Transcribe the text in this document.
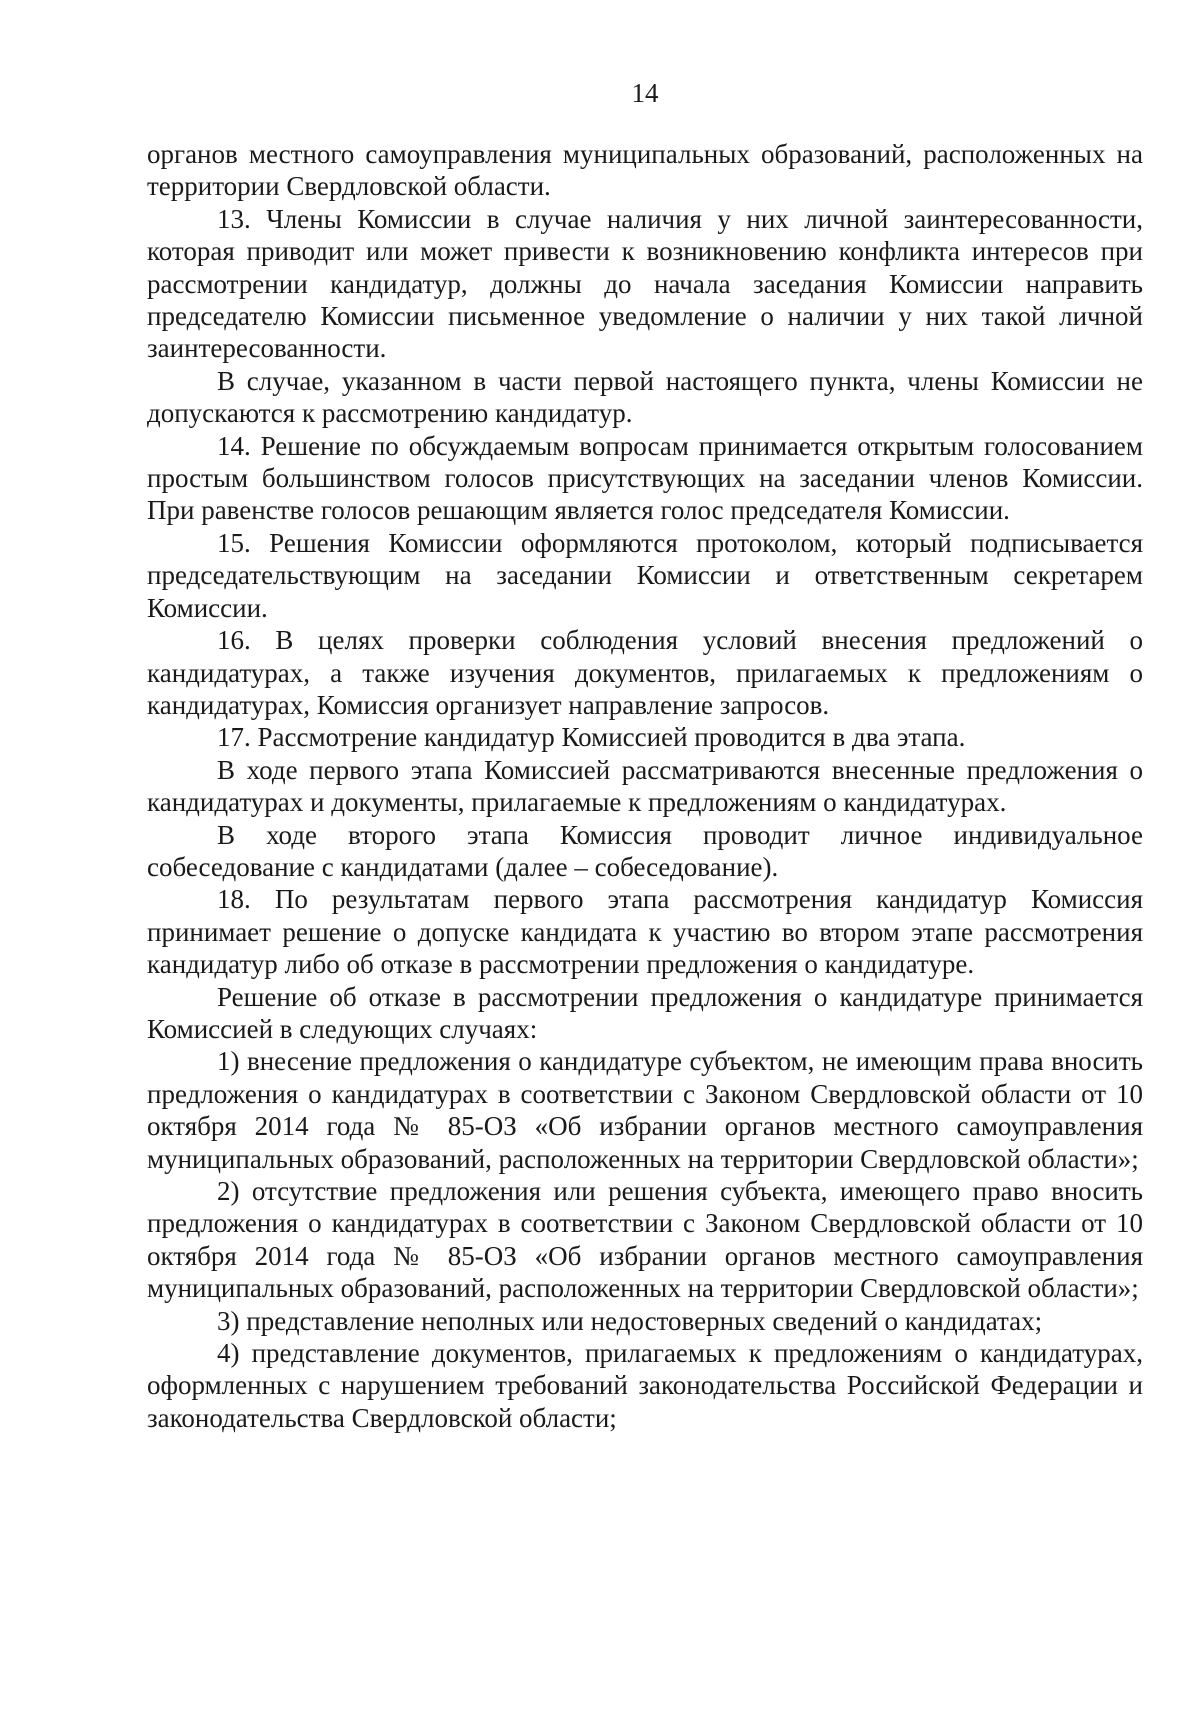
14

органов местного самоуправления муниципальных образований, расположенных на территории Свердловской области.

13. Члены Комиссии в случае наличия у них личной заинтересованности, которая приводит или может привести к возникновению конфликта интересов при рассмотрении кандидатур, должны до начала заседания Комиссии направить председателю Комиссии письменное уведомление о наличии у них такой личной заинтересованности.

В случае, указанном в части первой настоящего пункта, члены Комиссии не допускаются к рассмотрению кандидатур.

14. Решение по обсуждаемым вопросам принимается открытым голосованием простым большинством голосов присутствующих на заседании членов Комиссии. При равенстве голосов решающим является голос председателя Комиссии.

15. Решения Комиссии оформляются протоколом, который подписывается председательствующим на заседании Комиссии и ответственным секретарем Комиссии.

16. В целях проверки соблюдения условий внесения предложений о кандидатурах, а также изучения документов, прилагаемых к предложениям о кандидатурах, Комиссия организует направление запросов.

17. Рассмотрение кандидатур Комиссией проводится в два этапа.

В ходе первого этапа Комиссией рассматриваются внесенные предложения о кандидатурах и документы, прилагаемые к предложениям о кандидатурах.

В ходе второго этапа Комиссия проводит личное индивидуальное собеседование с кандидатами (далее – собеседование).

18. По результатам первого этапа рассмотрения кандидатур Комиссия принимает решение о допуске кандидата к участию во втором этапе рассмотрения кандидатур либо об отказе в рассмотрении предложения о кандидатуре.

Решение об отказе в рассмотрении предложения о кандидатуре принимается Комиссией в следующих случаях:

1) внесение предложения о кандидатуре субъектом, не имеющим права вносить предложения о кандидатурах в соответствии с Законом Свердловской области от 10 октября 2014 года № 85-ОЗ «Об избрании органов местного самоуправления муниципальных образований, расположенных на территории Свердловской области»;

2) отсутствие предложения или решения субъекта, имеющего право вносить предложения о кандидатурах в соответствии с Законом Свердловской области от 10 октября 2014 года № 85-ОЗ «Об избрании органов местного самоуправления муниципальных образований, расположенных на территории Свердловской области»;

3) представление неполных или недостоверных сведений о кандидатах;

4) представление документов, прилагаемых к предложениям о кандидатурах, оформленных с нарушением требований законодательства Российской Федерации и законодательства Свердловской области;
